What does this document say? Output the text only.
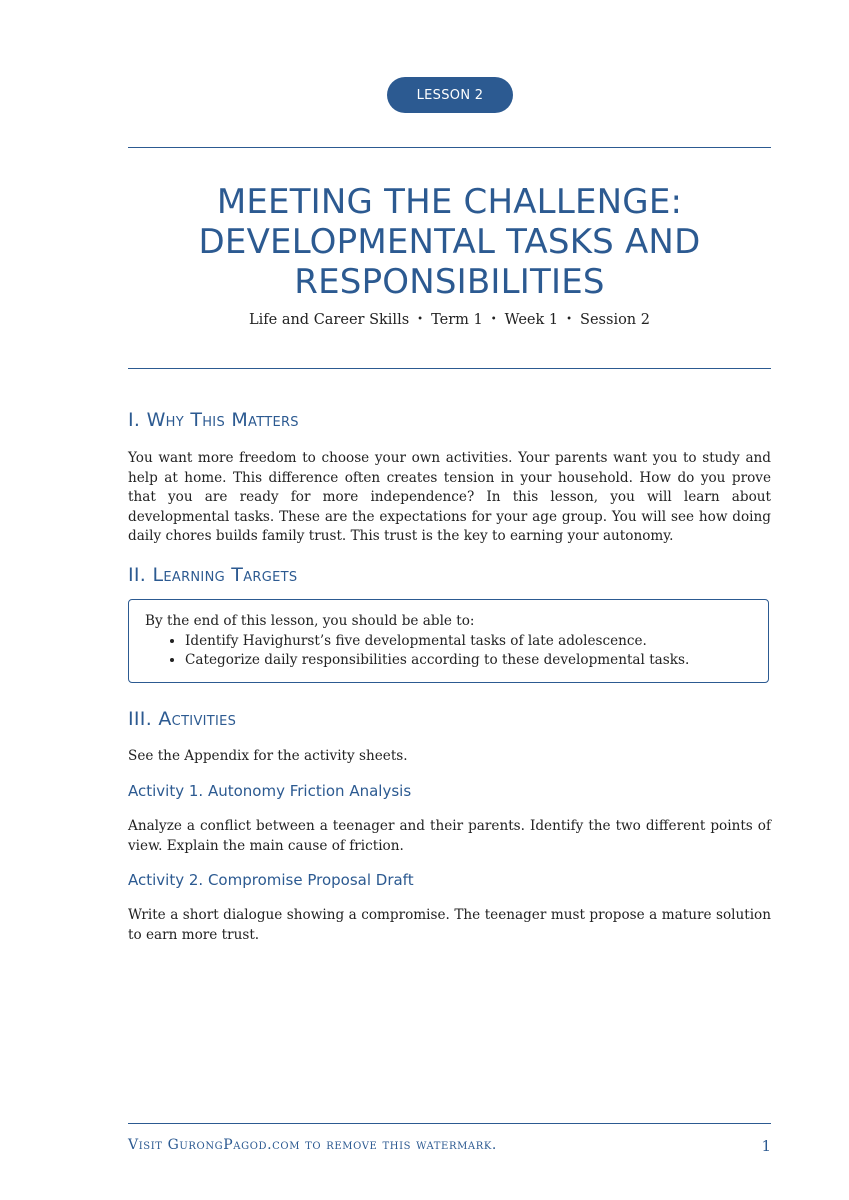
LESSON 2
MEETING THE CHALLENGE:
DEVELOPMENTAL TASKS AND
RESPONSIBILITIES
Life and Career Skills • Term 1 • Week 1 • Session 2
I. Why This Matters
You want more freedom to choose your own activities. Your parents want you to study and help at home. This difference often creates tension in your household. How do you prove that you are ready for more independence? In this lesson, you will learn about developmental tasks. These are the expectations for your age group. You will see how doing daily chores builds family trust. This trust is the key to earning your autonomy.
II. Learning Targets
By the end of this lesson, you should be able to:
• Identify Havighurst’s five developmental tasks of late adolescence.
• Categorize daily responsibilities according to these developmental tasks.
III. Activities
See the Appendix for the activity sheets.
Activity 1. Autonomy Friction Analysis
Analyze a conflict between a teenager and their parents. Identify the two different points of view. Explain the main cause of friction.
Activity 2. Compromise Proposal Draft
Write a short dialogue showing a compromise. The teenager must propose a mature solution to earn more trust.
Visit GurongPagod.com to remove this watermark.	1
